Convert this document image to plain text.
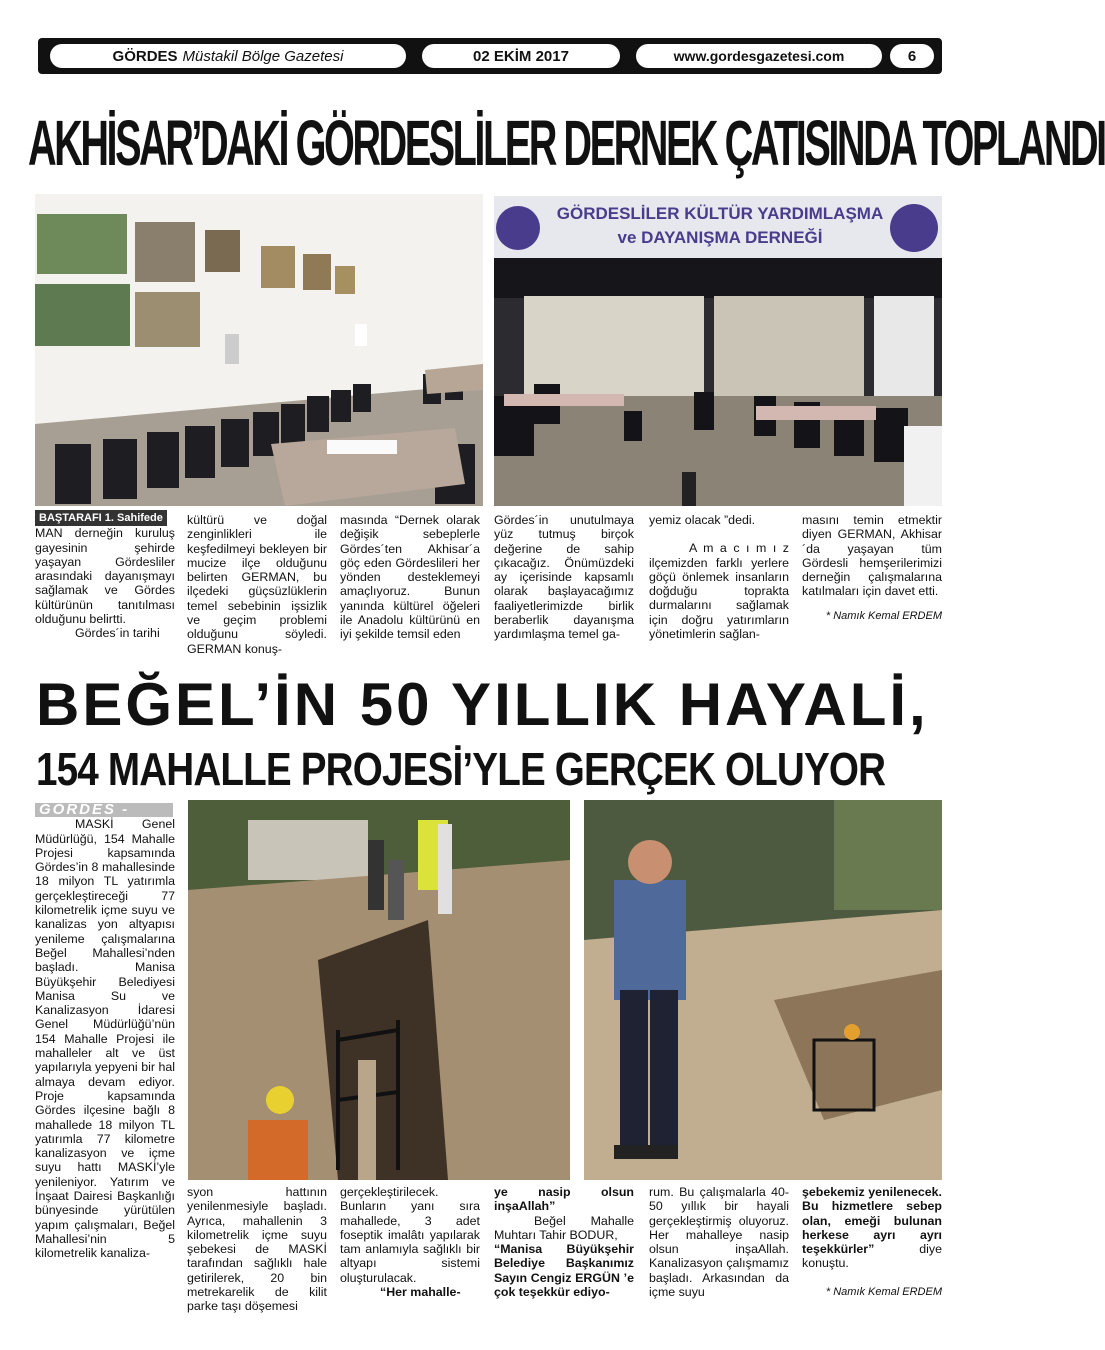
GÖRDES Müstakil Bölge Gazetesi	02 EKİM 2017	www.gordesgazetesi.com	6
AKHİSAR’DAKİ GÖRDESLİLER DERNEK ÇATISINDA TOPLANDI
GÖRDESLİLER KÜLTÜR YARDIMLAŞMA
ve DAYANIŞMA DERNEĞİ

BAŞTARAFI 1. Sahifede

MAN derneğin kuruluş gayesinin şehirde yaşayan Gördesliler arasındaki dayanışmayı sağlamak ve Gördes kültürünün tanıtılması olduğunu belirtti.

Gördes´in tarihi

kültürü ve doğal zenginlikleri ile keşfedilmeyi bekleyen bir mucize ilçe olduğunu belirten GERMAN, bu ilçedeki güçsüzlüklerin temel sebebinin işsizlik ve geçim problemi olduğunu söyledi. GERMAN konuş-
masında “Dernek olarak değişik sebeplerle Gördes´ten Akhisar´a göç eden Gördeslileri her yönden desteklemeyi amaçlıyoruz. Bunun yanında kültürel öğeleri ile Anadolu kültürünü en iyi şekilde temsil eden
Gördes´in unutulmaya yüz tutmuş birçok değerine de sahip çıkacağız. Önümüzdeki ay içerisinde kapsamlı olarak başlayacağımız faaliyetlerimizde birlik beraberlik dayanışma yardımlaşma temel ga-

yemiz olacak ”dedi.

A m a c ı m ı z ilçemizden farklı yerlere göçü önlemek insanların doğduğu toprakta durmalarını sağlamak için doğru yatırımların yönetimlerin sağlan-

masını temin etmektir diyen GERMAN, Akhisar´da yaşayan tüm Gördesli hemşerilerimizi derneğin çalışmalarına katılmaları için davet etti.

* Namık Kemal ERDEM

BEĞEL’İN 50 YILLIK HAYALİ,
154 MAHALLE PROJESİ’YLE GERÇEK OLUYOR

GÖRDES -

MASKİ Genel Müdürlüğü, 154 Mahalle Projesi kapsamında Gördes’in 8 mahallesinde 18 milyon TL yatırımla gerçekleştireceği 77 kilometrelik içme suyu ve kanalizas yon altyapısı yenileme çalışmalarına Beğel Mahallesi’nden başladı. Manisa Büyükşehir Belediyesi Manisa Su ve Kanalizasyon İdaresi Genel Müdürlüğü’nün 154 Mahalle Projesi ile mahalleler alt ve üst yapılarıyla yepyeni bir hal almaya devam ediyor. Proje kapsamında Gördes ilçesine bağlı 8 mahallede 18 milyon TL yatırımla 77 kilometre kanalizasyon ve içme suyu hattı MASKİ’yle yenileniyor. Yatırım ve İnşaat Dairesi Başkanlığı bünyesinde yürütülen yapım çalışmaları, Beğel Mahallesi’nin 5 kilometrelik kanaliza-

syon hattının yenilenmesiyle başladı. Ayrıca, mahallenin 3 kilometrelik içme suyu şebekesi de MASKİ tarafından sağlıklı hale getirilerek, 20 bin metrekarelik de kilit parke taşı döşemesi

gerçekleştirilecek. Bunların yanı sıra mahallede, 3 adet foseptik imalâtı yapılarak tam anlamıyla sağlıklı bir altyapı sistemi oluşturulacak.

“Her mahalle-

ye nasip olsun inşaAllah”

Beğel Mahalle Muhtarı Tahir BODUR,

“Manisa Büyükşehir Belediye Başkanımız Sayın Cengiz ERGÜN ’e çok teşekkür ediyo-

rum. Bu çalışmalarla 40-50 yıllık bir hayali gerçekleştirmiş oluyoruz. Her mahalleye nasip olsun inşaAllah. Kanalizasyon çalışmamız başladı. Arkasından da içme suyu

şebekemiz yenilenecek. Bu hizmetlere sebep olan, emeği bulunan herkese ayrı ayrı teşekkürler” diye konuştu.

* Namık Kemal ERDEM
